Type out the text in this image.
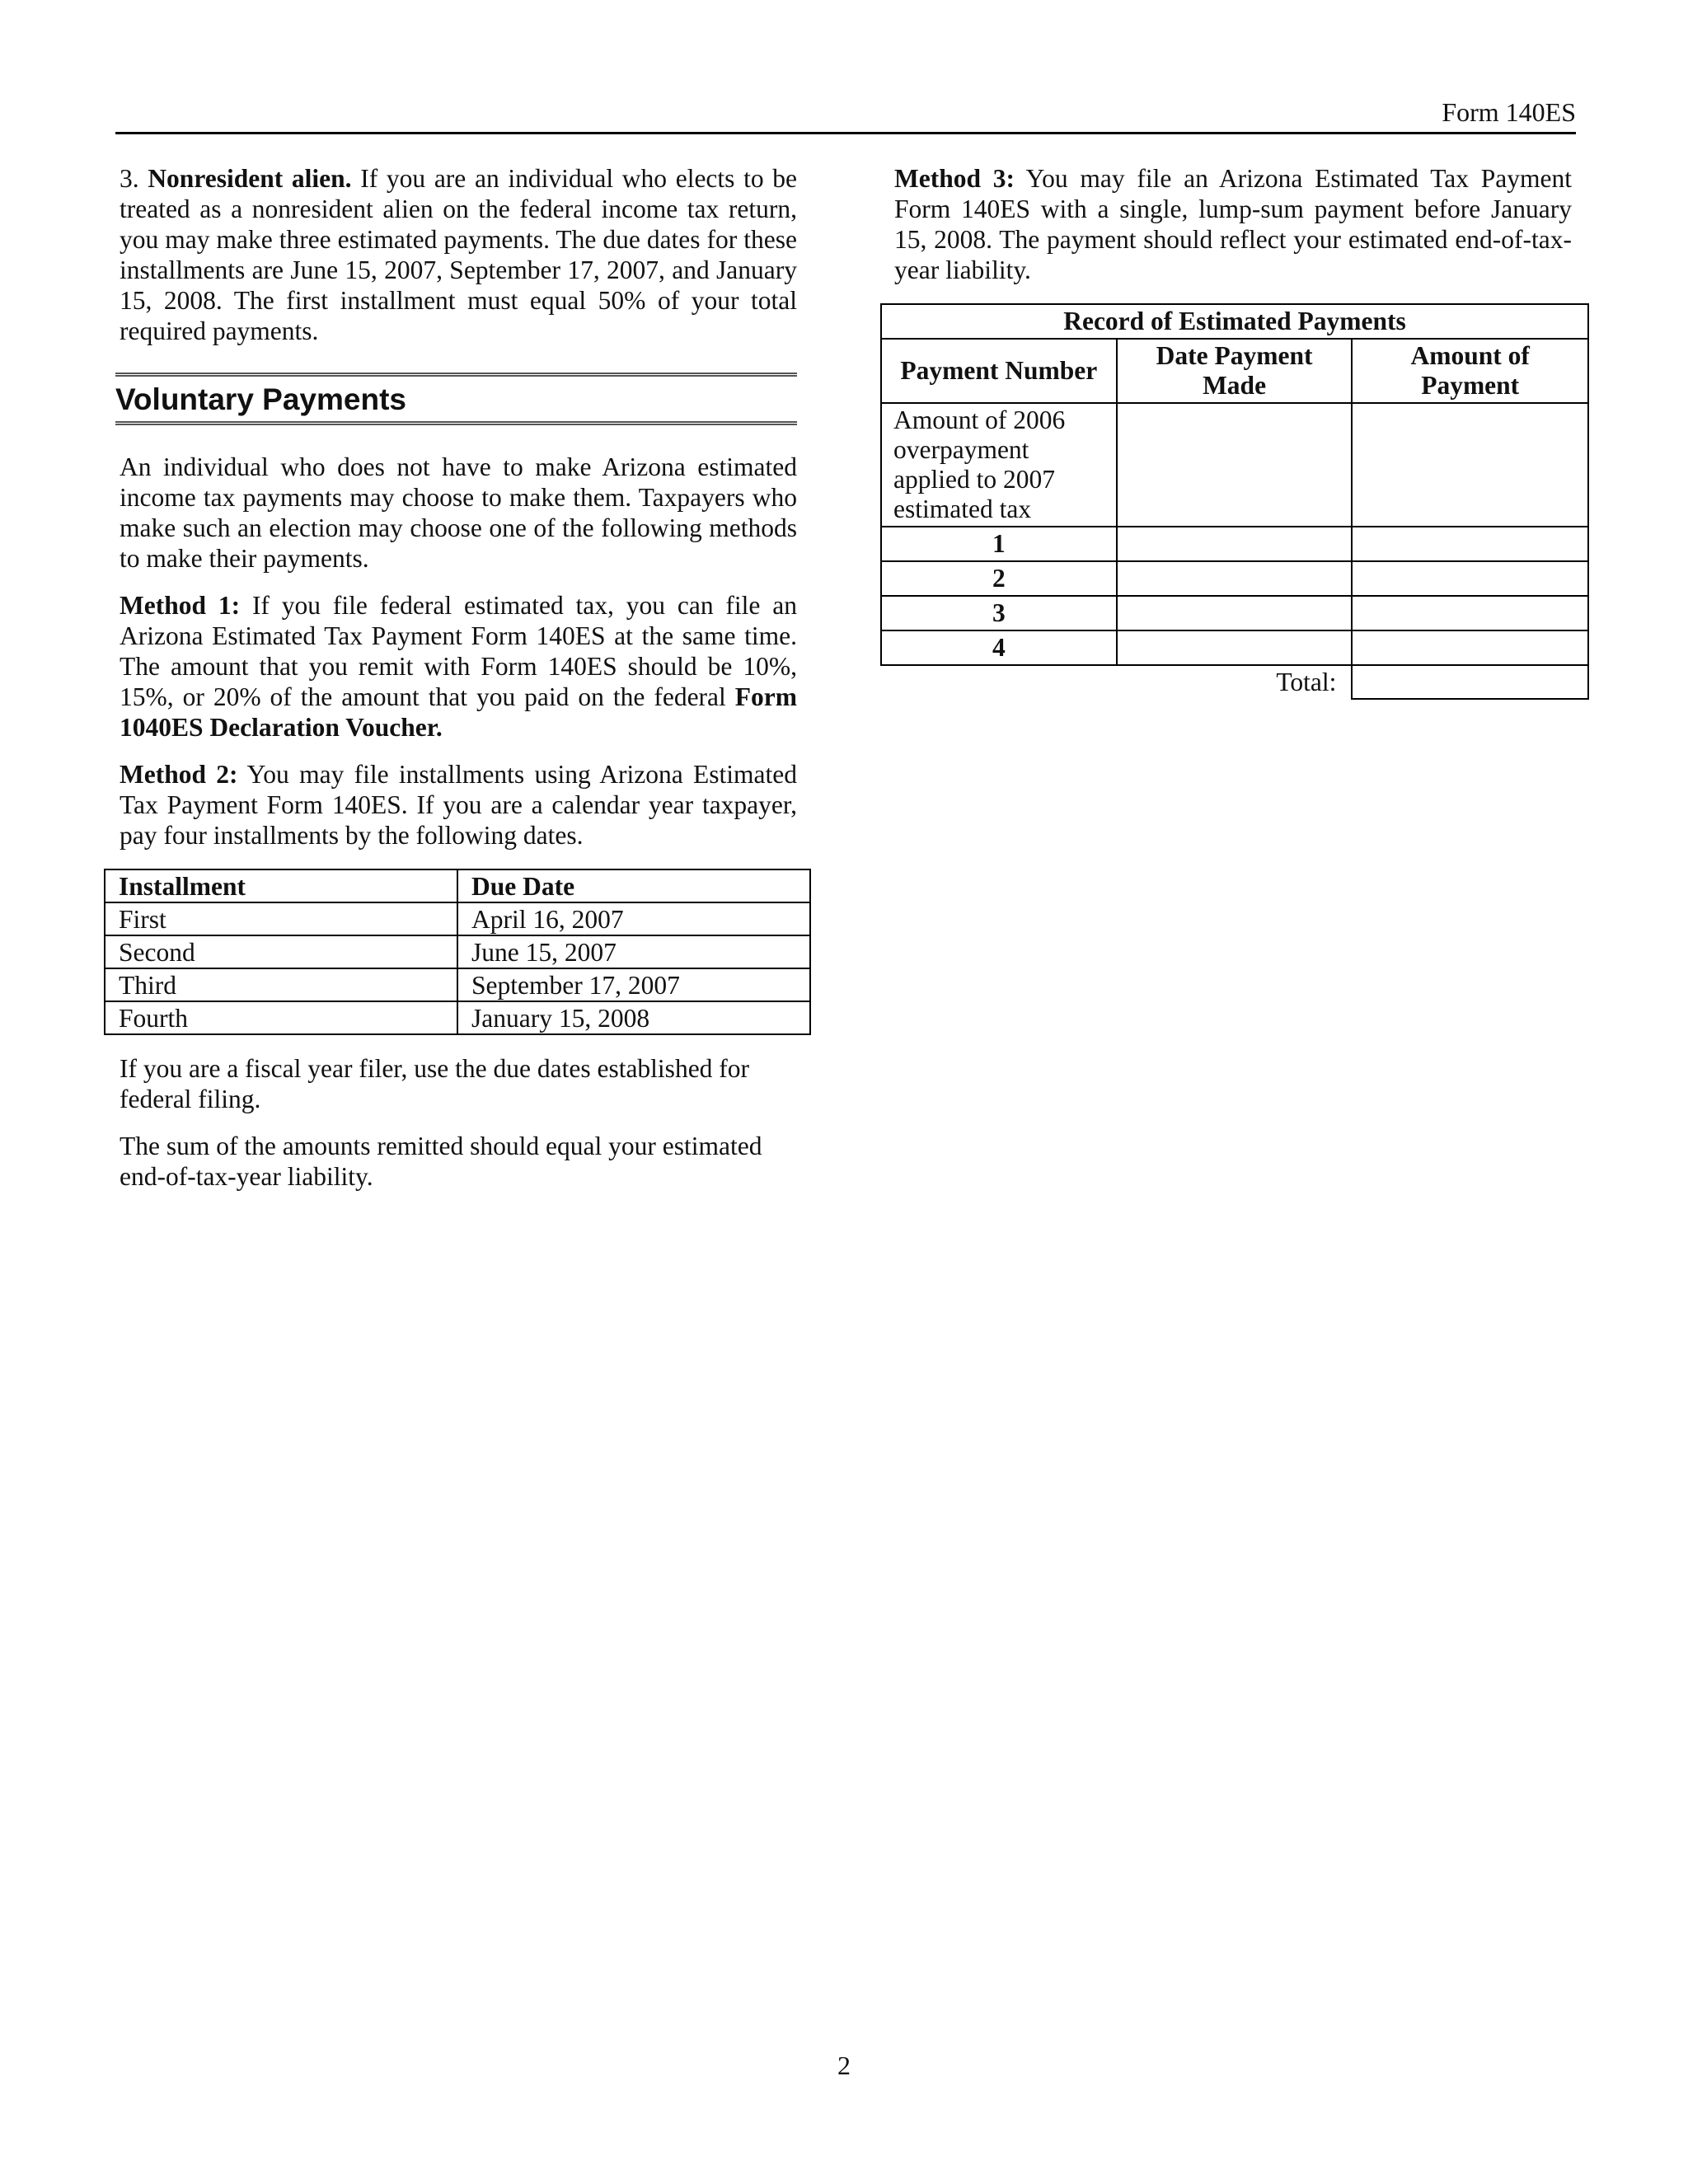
Form 140ES

3. Nonresident alien. If you are an individual who elects to be treated as a nonresident alien on the federal income tax return, you may make three estimated payments. The due dates for these installments are June 15, 2007, September 17, 2007, and January 15, 2008. The first installment must equal 50% of your total required payments.

Voluntary Payments

An individual who does not have to make Arizona estimated income tax payments may choose to make them. Taxpayers who make such an election may choose one of the following methods to make their payments.

Method 1: If you file federal estimated tax, you can file an Arizona Estimated Tax Payment Form 140ES at the same time. The amount that you remit with Form 140ES should be 10%, 15%, or 20% of the amount that you paid on the federal Form 1040ES Declaration Voucher.

Method 2: You may file installments using Arizona Estimated Tax Payment Form 140ES. If you are a calendar year taxpayer, pay four installments by the following dates.

Installment	Due Date
First	April 16, 2007
Second	June 15, 2007
Third	September 17, 2007
Fourth	January 15, 2008

If you are a fiscal year filer, use the due dates established for federal filing.

The sum of the amounts remitted should equal your estimated end-of-tax-year liability.

Method 3: You may file an Arizona Estimated Tax Payment Form 140ES with a single, lump-sum payment before January 15, 2008. The payment should reflect your estimated end-of-tax-year liability.

Record of Estimated Payments		
Payment Number	Date Payment Made	Amount of Payment
Amount of 2006 overpayment applied to 2007 estimated tax		
1		
2		
3		
4		
Total:		
2
